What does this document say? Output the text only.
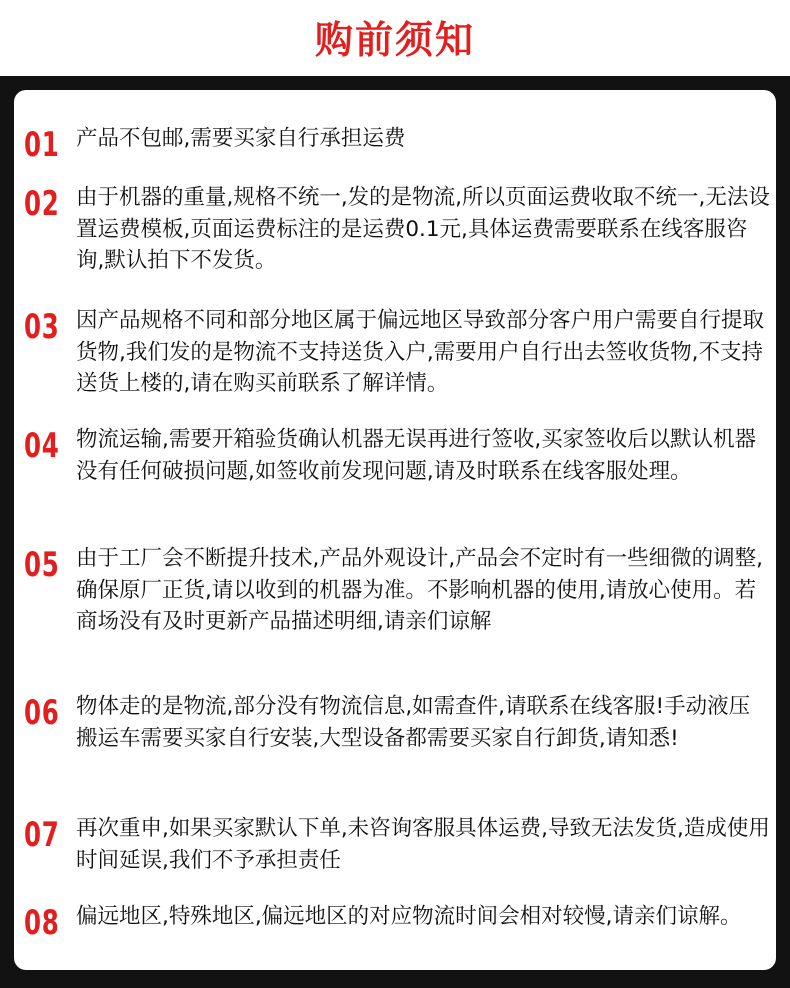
购前须知
01 产品不包邮,需要买家自行承担运费
02 由于机器的重量,规格不统一,发的是物流,所以页面运费收取不统一,无法设置运费模板,页面运费标注的是运费0.1元,具体运费需要联系在线客服咨询,默认拍下不发货。
03 因产品规格不同和部分地区属于偏远地区导致部分客户用户需要自行提取货物,我们发的是物流不支持送货入户,需要用户自行出去签收货物,不支持送货上楼的,请在购买前联系了解详情。
04 物流运输,需要开箱验货确认机器无误再进行签收,买家签收后以默认机器没有任何破损问题,如签收前发现问题,请及时联系在线客服处理。
05 由于工厂会不断提升技术,产品外观设计,产品会不定时有一些细微的调整,确保原厂正货,请以收到的机器为准。不影响机器的使用,请放心使用。若商场没有及时更新产品描述明细,请亲们谅解
06 物体走的是物流,部分没有物流信息,如需查件,请联系在线客服!手动液压搬运车需要买家自行安装,大型设备都需要买家自行卸货,请知悉!
07 再次重申,如果买家默认下单,未咨询客服具体运费,导致无法发货,造成使用时间延误,我们不予承担责任
08 偏远地区,特殊地区,偏远地区的对应物流时间会相对较慢,请亲们谅解。
